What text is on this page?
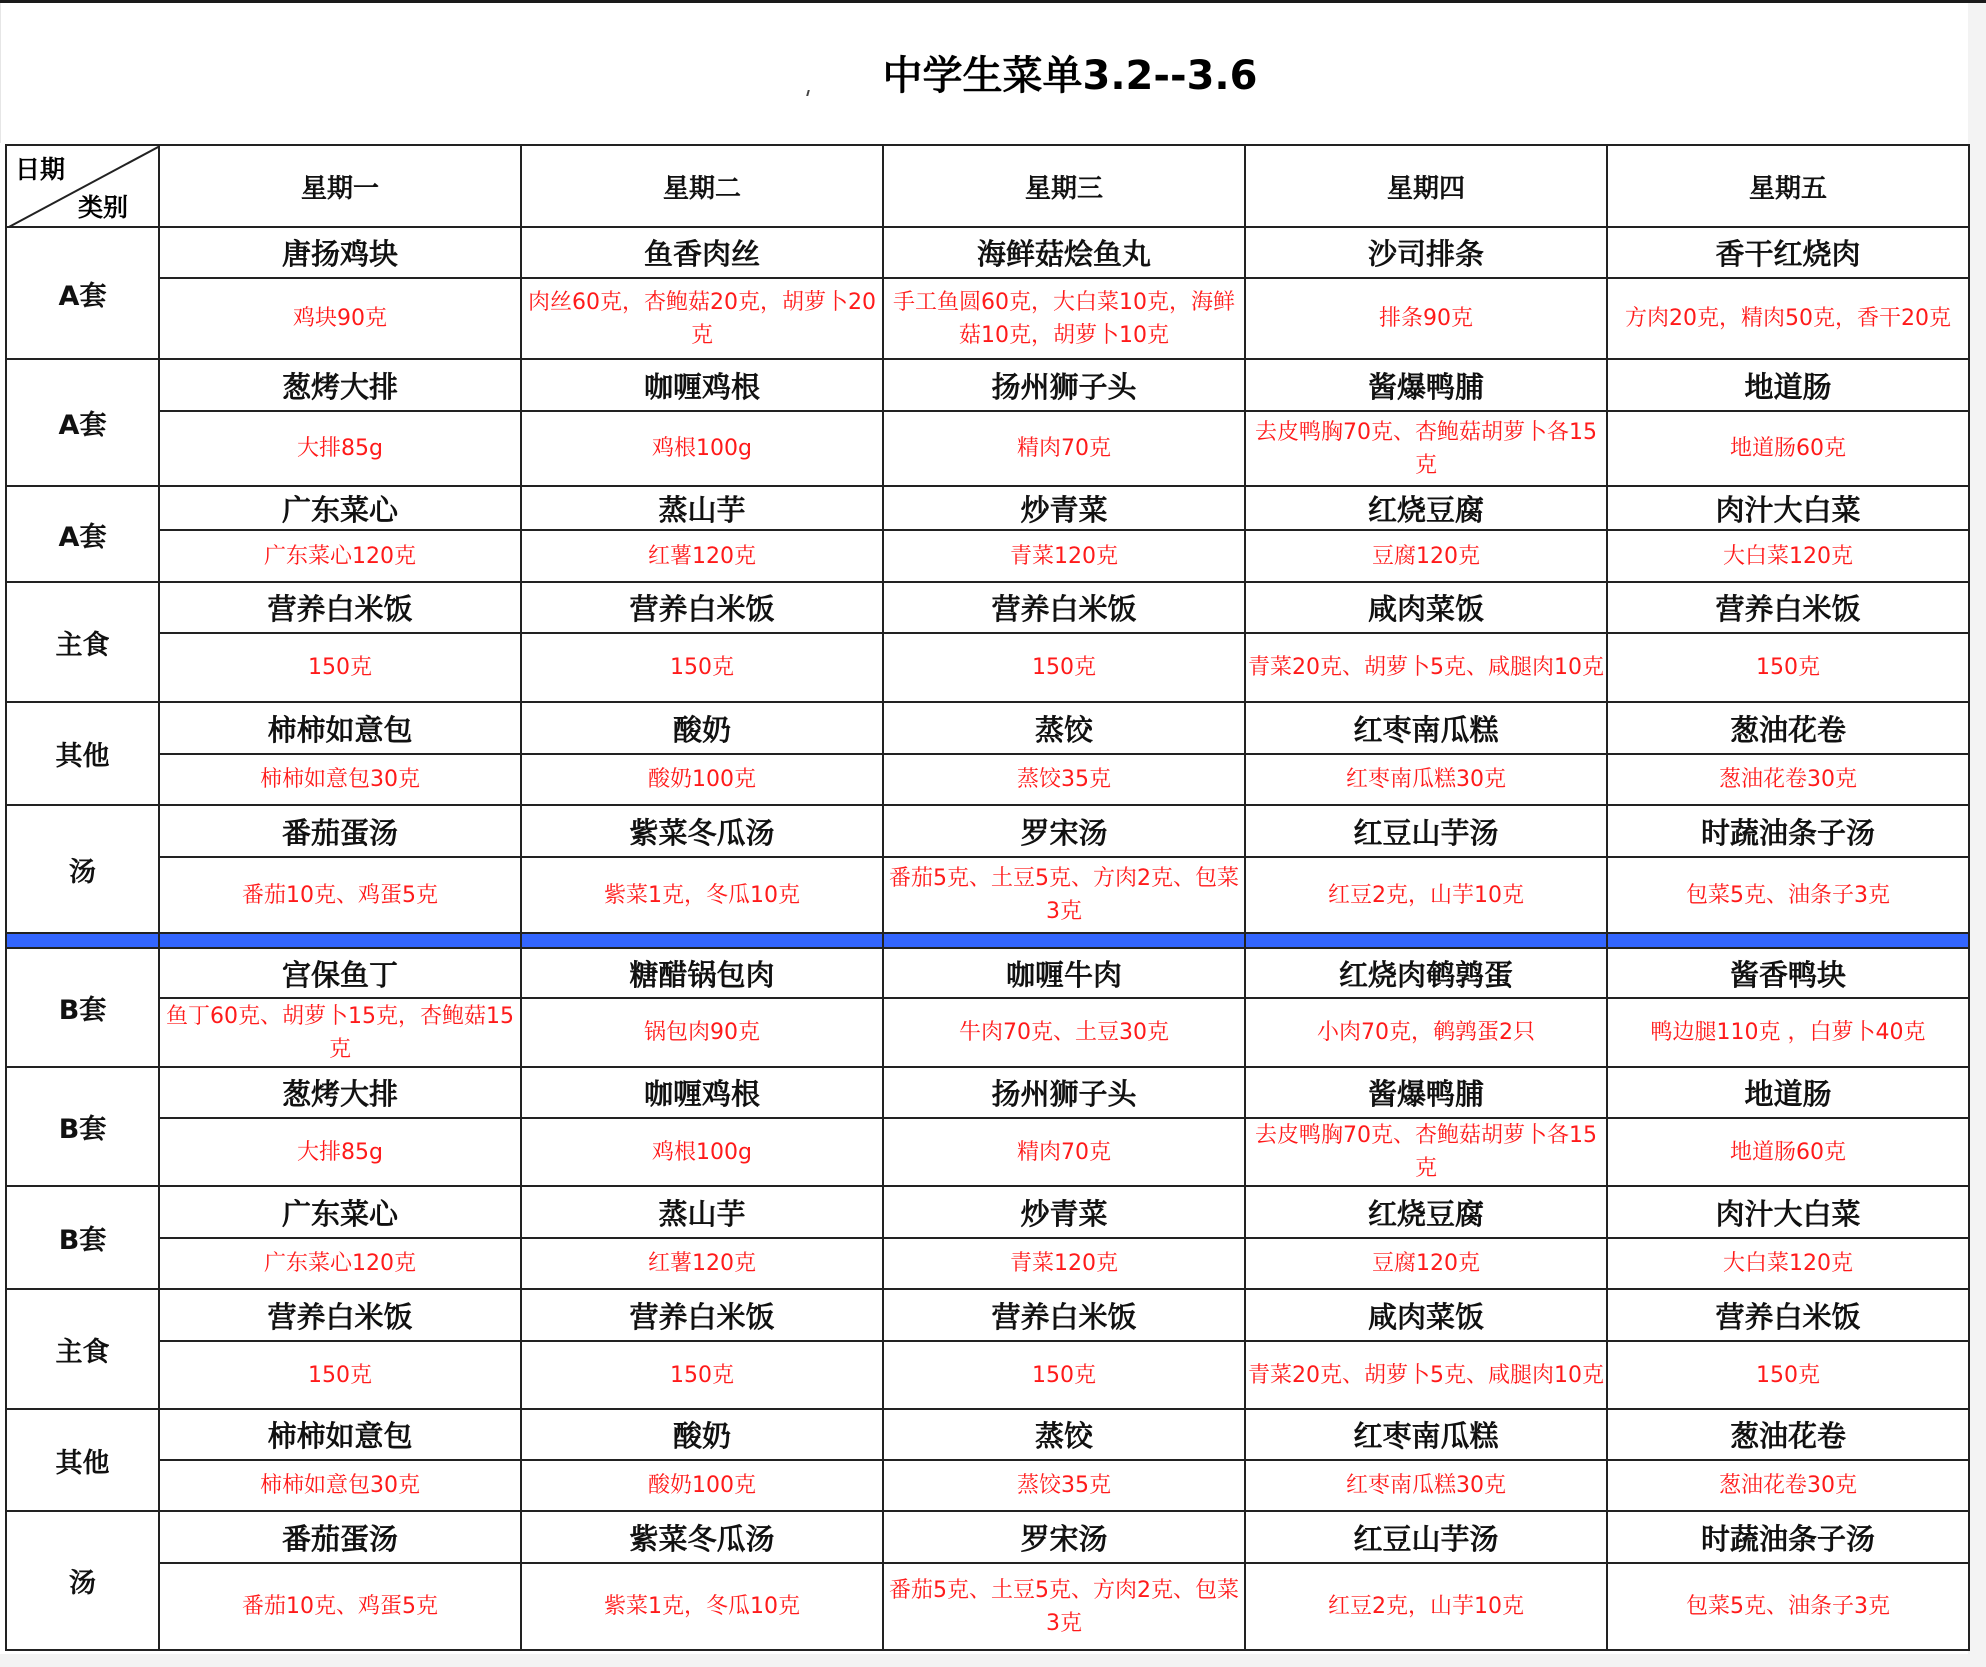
中学生菜单3.2--3.6
日期
类别	星期一	星期二	星期三	星期四	星期五
A套	唐扬鸡块	鱼香肉丝	海鲜菇烩鱼丸	沙司排条	香干红烧肉
	鸡块90克	肉丝60克，杏鲍菇20克，胡萝卜20克	手工鱼圆60克，大白菜10克，海鲜菇10克，胡萝卜10克	排条90克	方肉20克，精肉50克，香干20克
A套	葱烤大排	咖喱鸡根	扬州狮子头	酱爆鸭脯	地道肠
	大排85g	鸡根100g	精肉70克	去皮鸭胸70克、杏鲍菇胡萝卜各15克	地道肠60克
A套	广东菜心	蒸山芋	炒青菜	红烧豆腐	肉汁大白菜
	广东菜心120克	红薯120克	青菜120克	豆腐120克	大白菜120克
主食	营养白米饭	营养白米饭	营养白米饭	咸肉菜饭	营养白米饭
	150克	150克	150克	青菜20克、胡萝卜5克、咸腿肉10克	150克
其他	柿柿如意包	酸奶	蒸饺	红枣南瓜糕	葱油花卷
	柿柿如意包30克	酸奶100克	蒸饺35克	红枣南瓜糕30克	葱油花卷30克
汤	番茄蛋汤	紫菜冬瓜汤	罗宋汤	红豆山芋汤	时蔬油条子汤
	番茄10克、鸡蛋5克	紫菜1克，冬瓜10克	番茄5克、土豆5克、方肉2克、包菜3克	红豆2克，山芋10克	包菜5克、油条子3克

B套	宫保鱼丁	糖醋锅包肉	咖喱牛肉	红烧肉鹌鹑蛋	酱香鸭块
	鱼丁60克、胡萝卜15克，杏鲍菇15克	锅包肉90克	牛肉70克、土豆30克	小肉70克，鹌鹑蛋2只	鸭边腿110克 ，白萝卜40克
B套	葱烤大排	咖喱鸡根	扬州狮子头	酱爆鸭脯	地道肠
	大排85g	鸡根100g	精肉70克	去皮鸭胸70克、杏鲍菇胡萝卜各15克	地道肠60克
B套	广东菜心	蒸山芋	炒青菜	红烧豆腐	肉汁大白菜
	广东菜心120克	红薯120克	青菜120克	豆腐120克	大白菜120克
主食	营养白米饭	营养白米饭	营养白米饭	咸肉菜饭	营养白米饭
	150克	150克	150克	青菜20克、胡萝卜5克、咸腿肉10克	150克
其他	柿柿如意包	酸奶	蒸饺	红枣南瓜糕	葱油花卷
	柿柿如意包30克	酸奶100克	蒸饺35克	红枣南瓜糕30克	葱油花卷30克
汤	番茄蛋汤	紫菜冬瓜汤	罗宋汤	红豆山芋汤	时蔬油条子汤
	番茄10克、鸡蛋5克	紫菜1克，冬瓜10克	番茄5克、土豆5克、方肉2克、包菜3克	红豆2克，山芋10克	包菜5克、油条子3克
